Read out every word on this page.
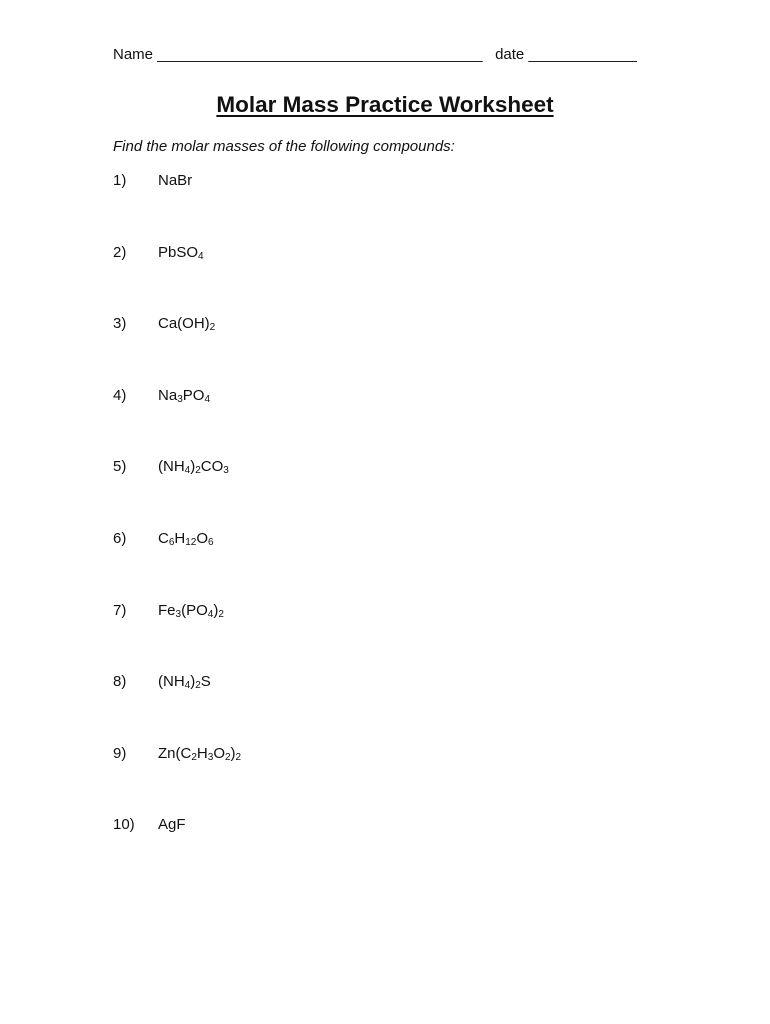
Name _______________________________________ date _____________
Molar Mass Practice Worksheet
Find the molar masses of the following compounds:
1) NaBr
2) PbSO$_4$
3) $Ca(OH)_2$
4) $Na_3PO_4$
5) $(NH_4)_2CO_3$
6) $C_6H_{12}O_6$
7) $Fe_3(PO_4)_2$
8) $(NH_4)_2S$
9) $Zn(C_2H_3O_2)_2$
10) AgF
